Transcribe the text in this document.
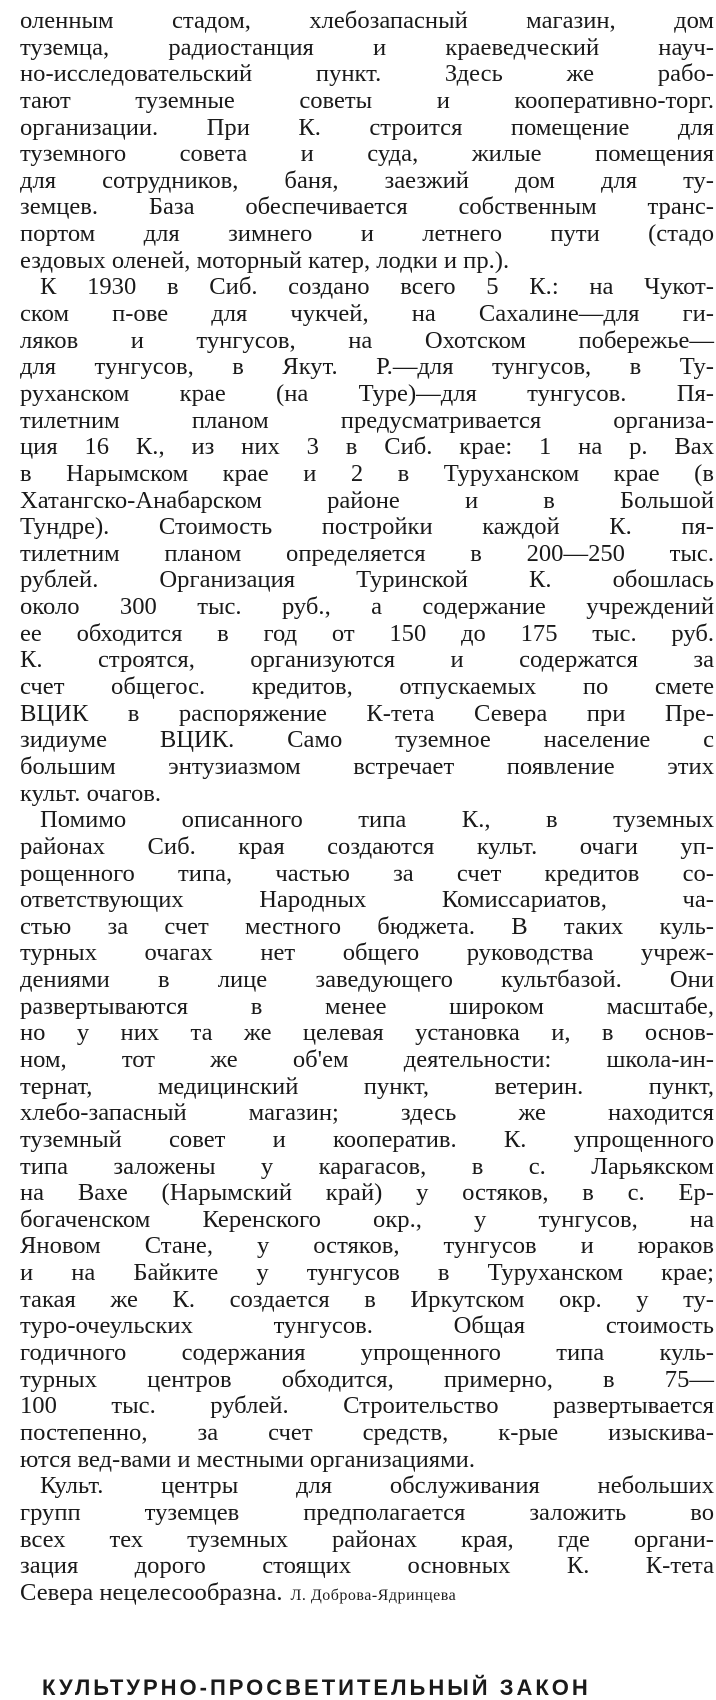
оленным стадом, хлебозапасный магазин, дом
туземца, радиостанция и краеведческий науч-
но-исследовательский пункт. Здесь же рабо-
тают туземные советы и кооперативно-торг.
организации. При К. строится помещение для
туземного совета и суда, жилые помещения
для сотрудников, баня, заезжий дом для ту-
земцев. База обеспечивается собственным транс-
портом для зимнего и летнего пути (стадо
ездовых оленей, моторный катер, лодки и пр.).
К 1930 в Сиб. создано всего 5 К.: на Чукот-
ском п-ове для чукчей, на Сахалине—для ги-
ляков и тунгусов, на Охотском побережье—
для тунгусов, в Якут. Р.—для тунгусов, в Ту-
руханском крае (на Туре)—для тунгусов. Пя-
тилетним планом предусматривается организа-
ция 16 К., из них 3 в Сиб. крае: 1 на р. Вах
в Нарымском крае и 2 в Туруханском крае (в
Хатангско-Анабарском районе и в Большой
Тундре). Стоимость постройки каждой К. пя-
тилетним планом определяется в 200—250 тыс.
рублей. Организация Туринской К. обошлась
около 300 тыс. руб., а содержание учреждений
ее обходится в год от 150 до 175 тыс. руб.
К. строятся, организуются и содержатся за
счет общегос. кредитов, отпускаемых по смете
ВЦИК в распоряжение К-тета Севера при Пре-
зидиуме ВЦИК. Само туземное население с
большим энтузиазмом встречает появление этих
культ. очагов.
Помимо описанного типа К., в туземных
районах Сиб. края создаются культ. очаги уп-
рощенного типа, частью за счет кредитов со-
ответствующих Народных Комиссариатов, ча-
стью за счет местного бюджета. В таких куль-
турных очагах нет общего руководства учреж-
дениями в лице заведующего культбазой. Они
развертываются в менее широком масштабе,
но у них та же целевая установка и, в основ-
ном, тот же об'ем деятельности: школа-ин-
тернат, медицинский пункт, ветерин. пункт,
хлебо-запасный магазин; здесь же находится
туземный совет и кооператив. К. упрощенного
типа заложены у карагасов, в с. Ларьякском
на Вахе (Нарымский край) у остяков, в с. Ер-
богаченском Керенского окр., у тунгусов, на
Яновом Стане, у остяков, тунгусов и юраков
и на Байките у тунгусов в Туруханском крае;
такая же К. создается в Иркутском окр. у ту-
туро-очеульских тунгусов. Общая стоимость
годичного содержания упрощенного типа куль-
турных центров обходится, примерно, в 75—
100 тыс. рублей. Строительство развертывается
постепенно, за счет средств, к-рые изыскива-
ются вед-вами и местными организациями.
Культ. центры для обслуживания небольших
групп туземцев предполагается заложить во
всех тех туземных районах края, где органи-
зация дорого стоящих основных К. К-тета
Севера нецелесообразна. Л. Доброва-Ядринцева
КУЛЬТУРНО-ПРОСВЕТИТЕЛЬНЫЙ ЗАКОН
